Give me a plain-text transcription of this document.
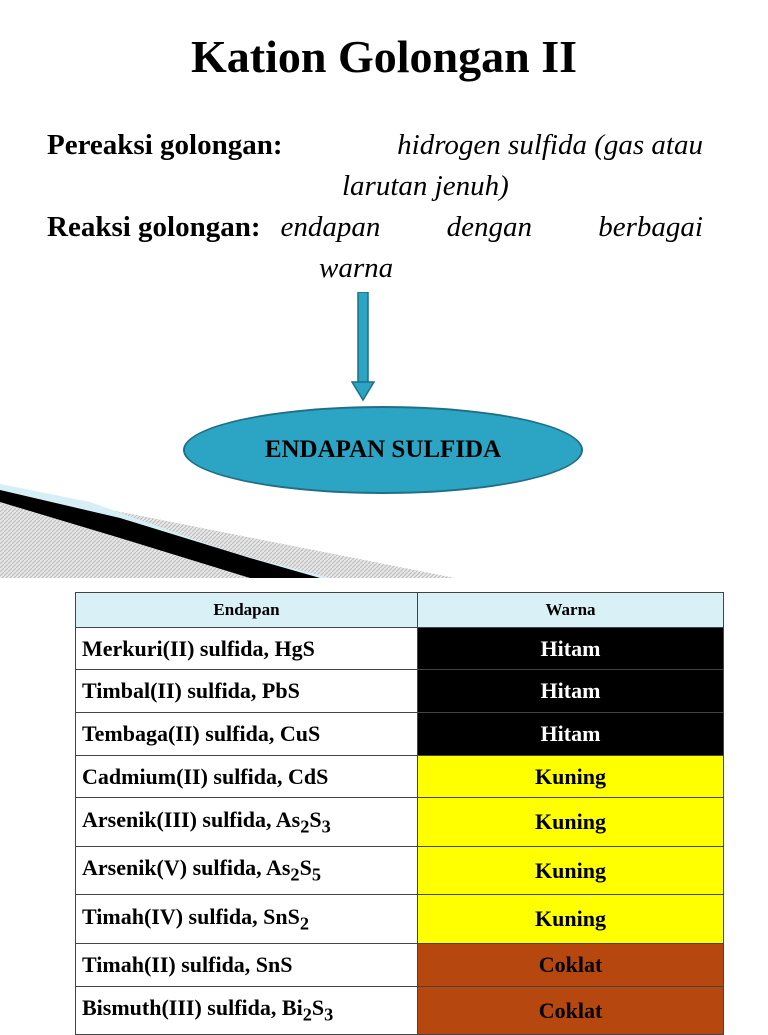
Kation Golongan II
Pereaksi golongan:	hidrogen sulfida (gas atau
larutan jenuh)
Reaksi golongan: endapan dengan berbagai
warna
ENDAPAN SULFIDA
Endapan	Warna
Merkuri(II) sulfida, HgS	Hitam
Timbal(II) sulfida, PbS	Hitam
Tembaga(II) sulfida, CuS	Hitam
Cadmium(II) sulfida, CdS	Kuning
Arsenik(III) sulfida, $As_2S_3$	Kuning
Arsenik(V) sulfida, $As_2S_5$	Kuning
Timah(IV) sulfida, SnS$_2$	Kuning
Timah(II) sulfida, SnS	Coklat
Bismuth(III) sulfida, $Bi_2S_3$	Coklat
